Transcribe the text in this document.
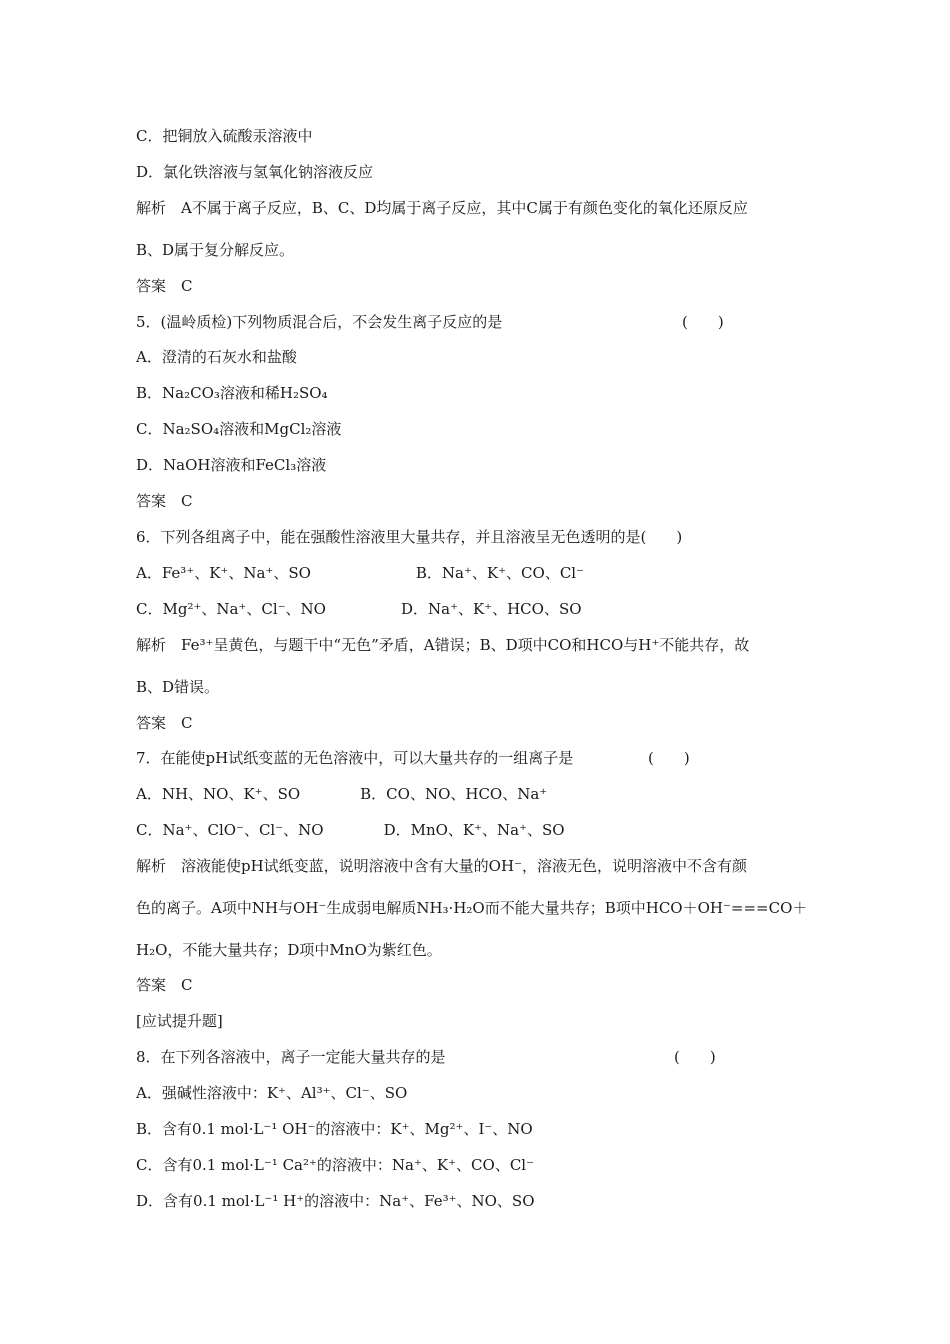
C．把铜放入硫酸汞溶液中
D．氯化铁溶液与氢氧化钠溶液反应
解析　A不属于离子反应，B、C、D均属于离子反应，其中C属于有颜色变化的氧化还原反应
B、D属于复分解反应。
答案　C
5．(温岭质检)下列物质混合后，不会发生离子反应的是	(　　)
A．澄清的石灰水和盐酸
B．Na₂CO₃溶液和稀H₂SO₄
C．Na₂SO₄溶液和MgCl₂溶液
D．NaOH溶液和FeCl₃溶液
答案　C
6．下列各组离子中，能在强酸性溶液里大量共存，并且溶液呈无色透明的是(　　)
A．Fe³⁺、K⁺、Na⁺、SO　　　　　　　B．Na⁺、K⁺、CO、Cl⁻
C．Mg²⁺、Na⁺、Cl⁻、NO　　　　　D．Na⁺、K⁺、HCO、SO
解析　Fe³⁺呈黄色，与题干中“无色”矛盾，A错误；B、D项中CO和HCO与H⁺不能共存，故
B、D错误。
答案　C
7．在能使pH试纸变蓝的无色溶液中，可以大量共存的一组离子是	(　　)
A．NH、NO、K⁺、SO　　　　B．CO、NO、HCO、Na⁺
C．Na⁺、ClO⁻、Cl⁻、NO　　　　D．MnO、K⁺、Na⁺、SO
解析　溶液能使pH试纸变蓝，说明溶液中含有大量的OH⁻，溶液无色，说明溶液中不含有颜
色的离子。A项中NH与OH⁻生成弱电解质NH₃·H₂O而不能大量共存；B项中HCO＋OH⁻===CO＋
H₂O，不能大量共存；D项中MnO为紫红色。
答案　C
[应试提升题]
8．在下列各溶液中，离子一定能大量共存的是	(　　)
A．强碱性溶液中：K⁺、Al³⁺、Cl⁻、SO
B．含有0.1 mol·L⁻¹ OH⁻的溶液中：K⁺、Mg²⁺、I⁻、NO
C．含有0.1 mol·L⁻¹ Ca²⁺的溶液中：Na⁺、K⁺、CO、Cl⁻
D．含有0.1 mol·L⁻¹ H⁺的溶液中：Na⁺、Fe³⁺、NO、SO
